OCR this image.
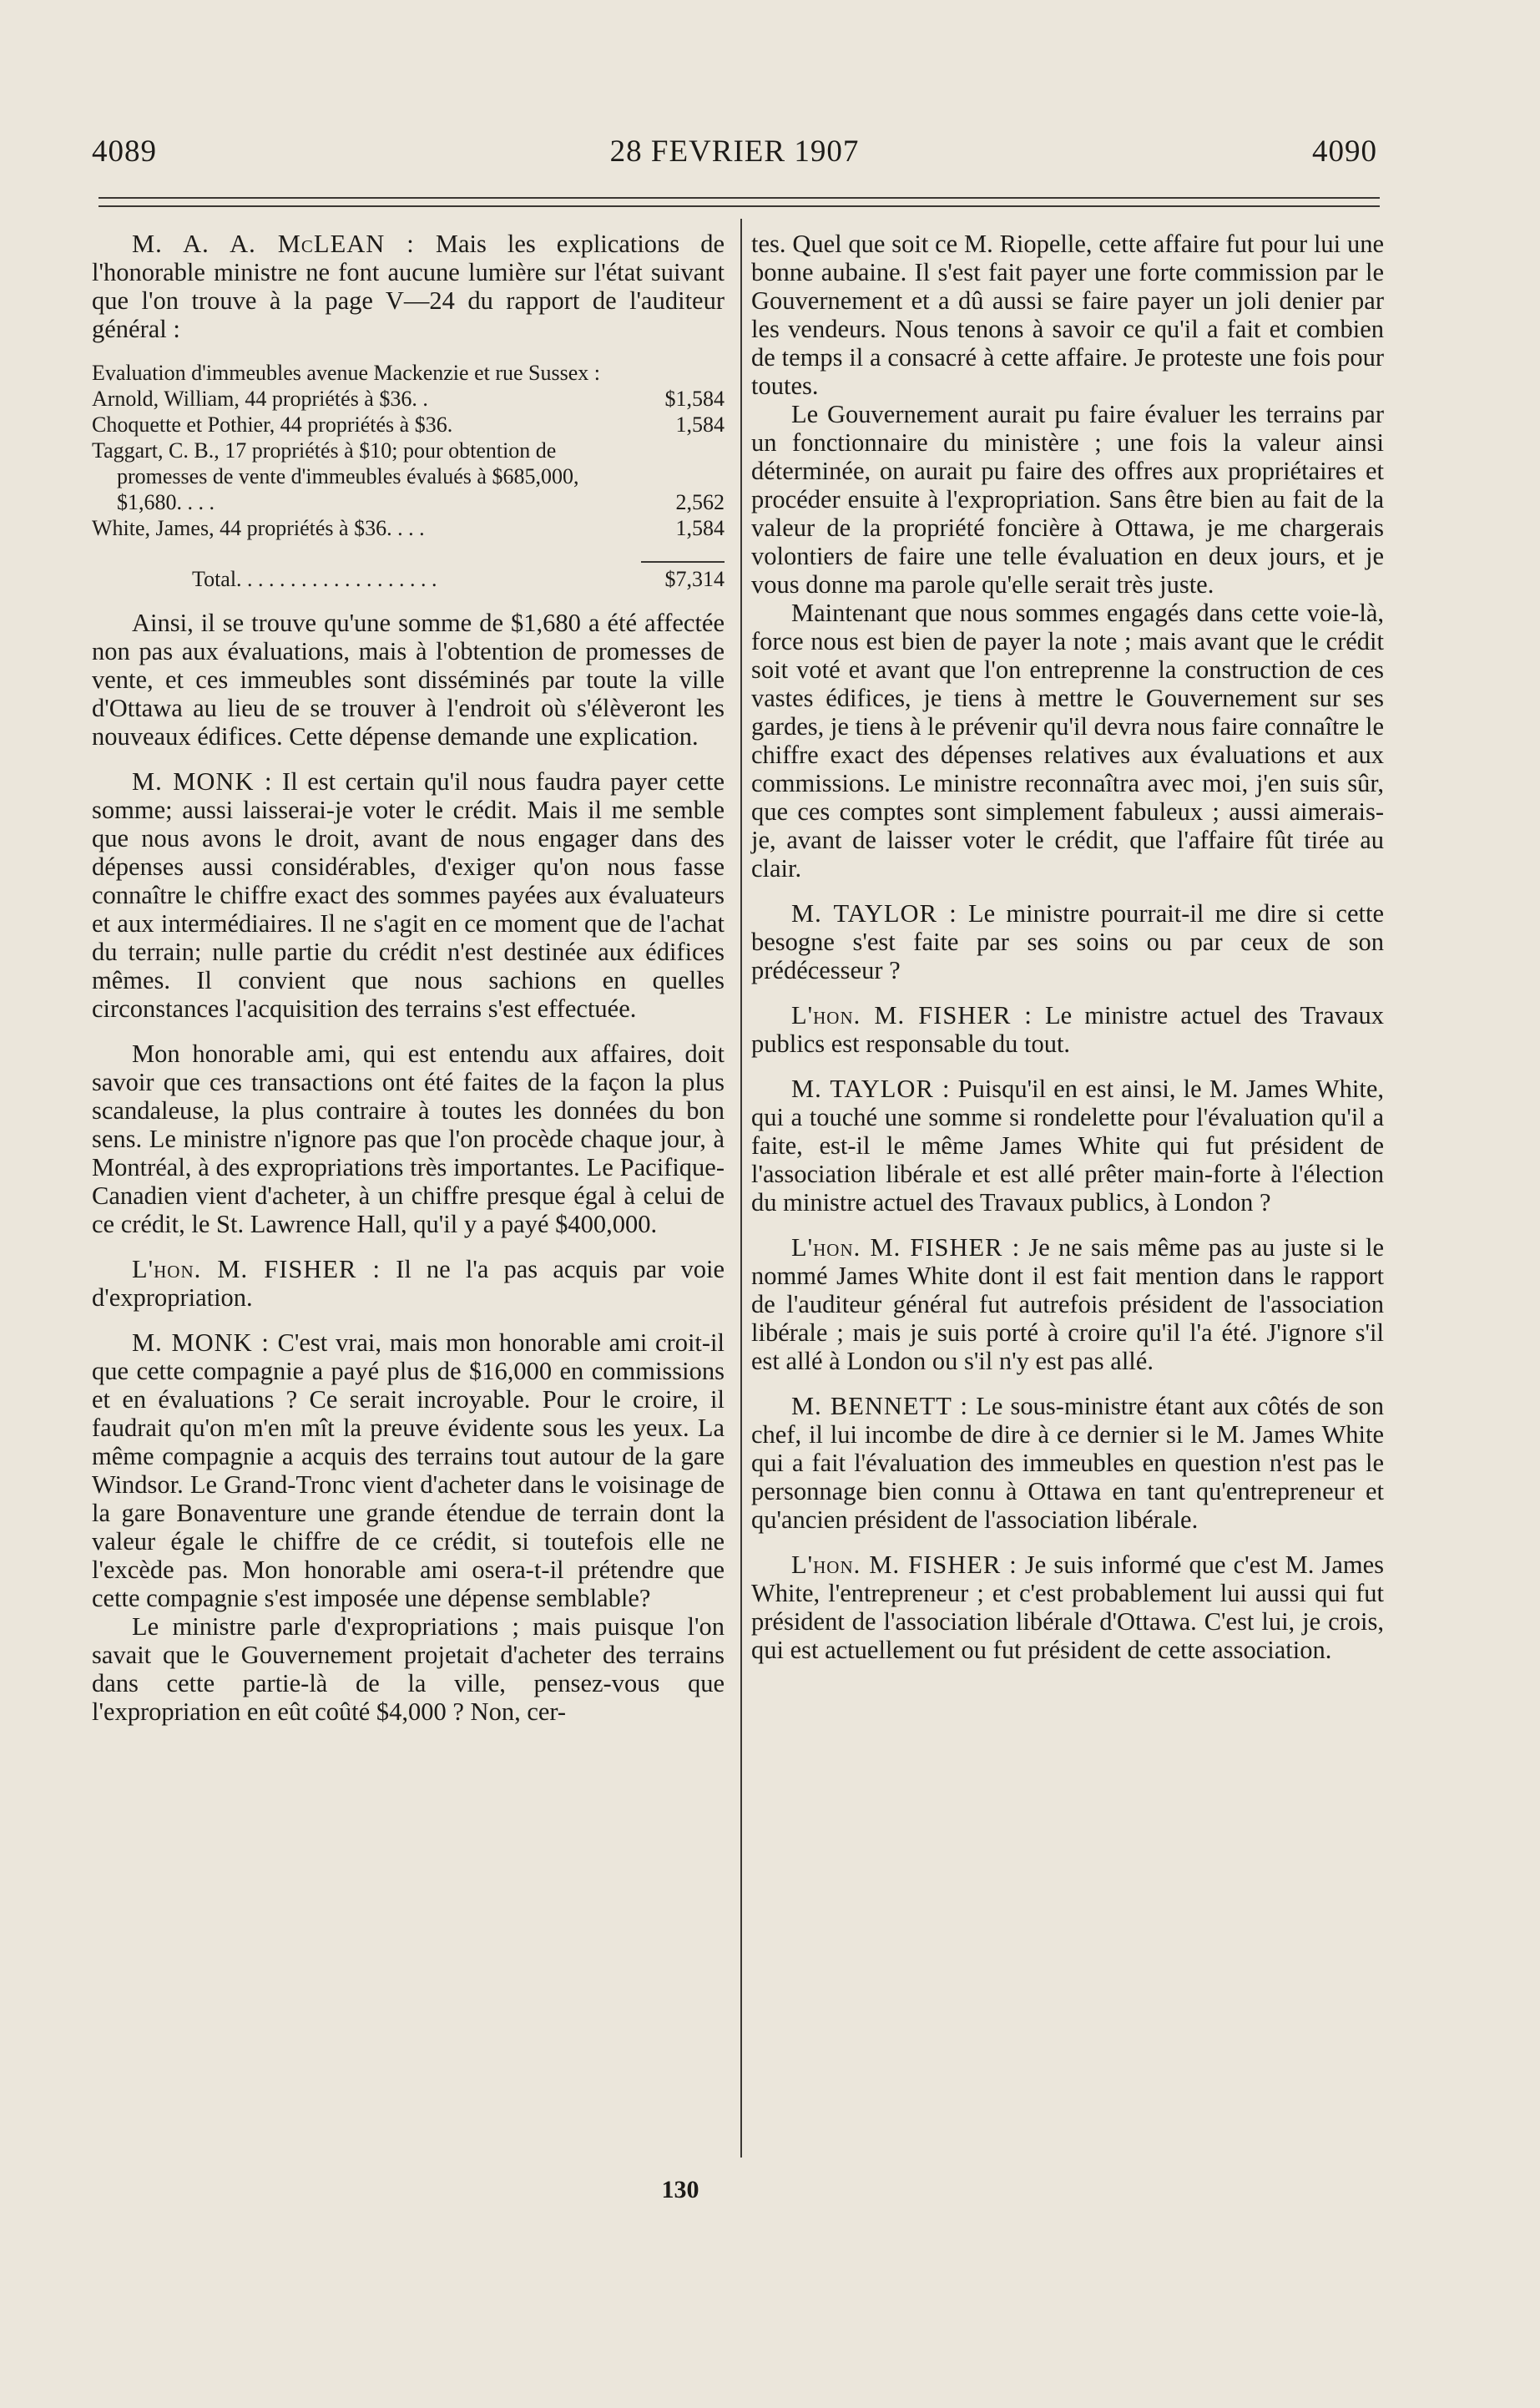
4089	28 FEVRIER 1907	4090

M. A. A. McLEAN : Mais les explications de l'honorable ministre ne font aucune lumière sur l'état suivant que l'on trouve à la page V—24 du rapport de l'auditeur général :

Evaluation d'immeubles avenue Mackenzie et rue Sussex :
Arnold, William, 44 propriétés à $36. .	$1,584
Choquette et Pothier, 44 propriétés à $36.	1,584
Taggart, C. B., 17 propriétés à $10; pour obtention de promesses de vente d'immeubles évalués à $685,000, $1,680. . . .	2,562
White, James, 44 propriétés à $36. . . .	1,584
Total. . . . . . . . . . . . . . . . . . .	$7,314

Ainsi, il se trouve qu'une somme de $1,680 a été affectée non pas aux évaluations, mais à l'obtention de promesses de vente, et ces immeubles sont disséminés par toute la ville d'Ottawa au lieu de se trouver à l'endroit où s'élèveront les nouveaux édifices. Cette dépense demande une explication.

M. MONK : Il est certain qu'il nous faudra payer cette somme; aussi laisserai-je voter le crédit. Mais il me semble que nous avons le droit, avant de nous engager dans des dépenses aussi considérables, d'exiger qu'on nous fasse connaître le chiffre exact des sommes payées aux évaluateurs et aux intermédiaires. Il ne s'agit en ce moment que de l'achat du terrain; nulle partie du crédit n'est destinée aux édifices mêmes. Il convient que nous sachions en quelles circonstances l'acquisition des terrains s'est effectuée.

Mon honorable ami, qui est entendu aux affaires, doit savoir que ces transactions ont été faites de la façon la plus scandaleuse, la plus contraire à toutes les données du bon sens. Le ministre n'ignore pas que l'on procède chaque jour, à Montréal, à des expropriations très importantes. Le Pacifique-Canadien vient d'acheter, à un chiffre presque égal à celui de ce crédit, le St. Lawrence Hall, qu'il y a payé $400,000.

L'hon. M. FISHER : Il ne l'a pas acquis par voie d'expropriation.

M. MONK : C'est vrai, mais mon honorable ami croit-il que cette compagnie a payé plus de $16,000 en commissions et en évaluations ? Ce serait incroyable. Pour le croire, il faudrait qu'on m'en mît la preuve évidente sous les yeux. La même compagnie a acquis des terrains tout autour de la gare Windsor. Le Grand-Tronc vient d'acheter dans le voisinage de la gare Bonaventure une grande étendue de terrain dont la valeur égale le chiffre de ce crédit, si toutefois elle ne l'excède pas. Mon honorable ami osera-t-il prétendre que cette compagnie s'est imposée une dépense semblable?

Le ministre parle d'expropriations ; mais puisque l'on savait que le Gouvernement projetait d'acheter des terrains dans cette partie-là de la ville, pensez-vous que l'expropriation en eût coûté $4,000 ? Non, cer-

tes. Quel que soit ce M. Riopelle, cette affaire fut pour lui une bonne aubaine. Il s'est fait payer une forte commission par le Gouvernement et a dû aussi se faire payer un joli denier par les vendeurs. Nous tenons à savoir ce qu'il a fait et combien de temps il a consacré à cette affaire. Je proteste une fois pour toutes.

Le Gouvernement aurait pu faire évaluer les terrains par un fonctionnaire du ministère ; une fois la valeur ainsi déterminée, on aurait pu faire des offres aux propriétaires et procéder ensuite à l'expropriation. Sans être bien au fait de la valeur de la propriété foncière à Ottawa, je me chargerais volontiers de faire une telle évaluation en deux jours, et je vous donne ma parole qu'elle serait très juste.

Maintenant que nous sommes engagés dans cette voie-là, force nous est bien de payer la note ; mais avant que le crédit soit voté et avant que l'on entreprenne la construction de ces vastes édifices, je tiens à mettre le Gouvernement sur ses gardes, je tiens à le prévenir qu'il devra nous faire connaître le chiffre exact des dépenses relatives aux évaluations et aux commissions. Le ministre reconnaîtra avec moi, j'en suis sûr, que ces comptes sont simplement fabuleux ; aussi aimerais-je, avant de laisser voter le crédit, que l'affaire fût tirée au clair.

M. TAYLOR : Le ministre pourrait-il me dire si cette besogne s'est faite par ses soins ou par ceux de son prédécesseur ?

L'hon. M. FISHER : Le ministre actuel des Travaux publics est responsable du tout.

M. TAYLOR : Puisqu'il en est ainsi, le M. James White, qui a touché une somme si rondelette pour l'évaluation qu'il a faite, est-il le même James White qui fut président de l'association libérale et est allé prêter main-forte à l'élection du ministre actuel des Travaux publics, à London ?

L'hon. M. FISHER : Je ne sais même pas au juste si le nommé James White dont il est fait mention dans le rapport de l'auditeur général fut autrefois président de l'association libérale ; mais je suis porté à croire qu'il l'a été. J'ignore s'il est allé à London ou s'il n'y est pas allé.

M. BENNETT : Le sous-ministre étant aux côtés de son chef, il lui incombe de dire à ce dernier si le M. James White qui a fait l'évaluation des immeubles en question n'est pas le personnage bien connu à Ottawa en tant qu'entrepreneur et qu'ancien président de l'association libérale.

L'hon. M. FISHER : Je suis informé que c'est M. James White, l'entrepreneur ; et c'est probablement lui aussi qui fut président de l'association libérale d'Ottawa. C'est lui, je crois, qui est actuellement ou fut président de cette association.

130
